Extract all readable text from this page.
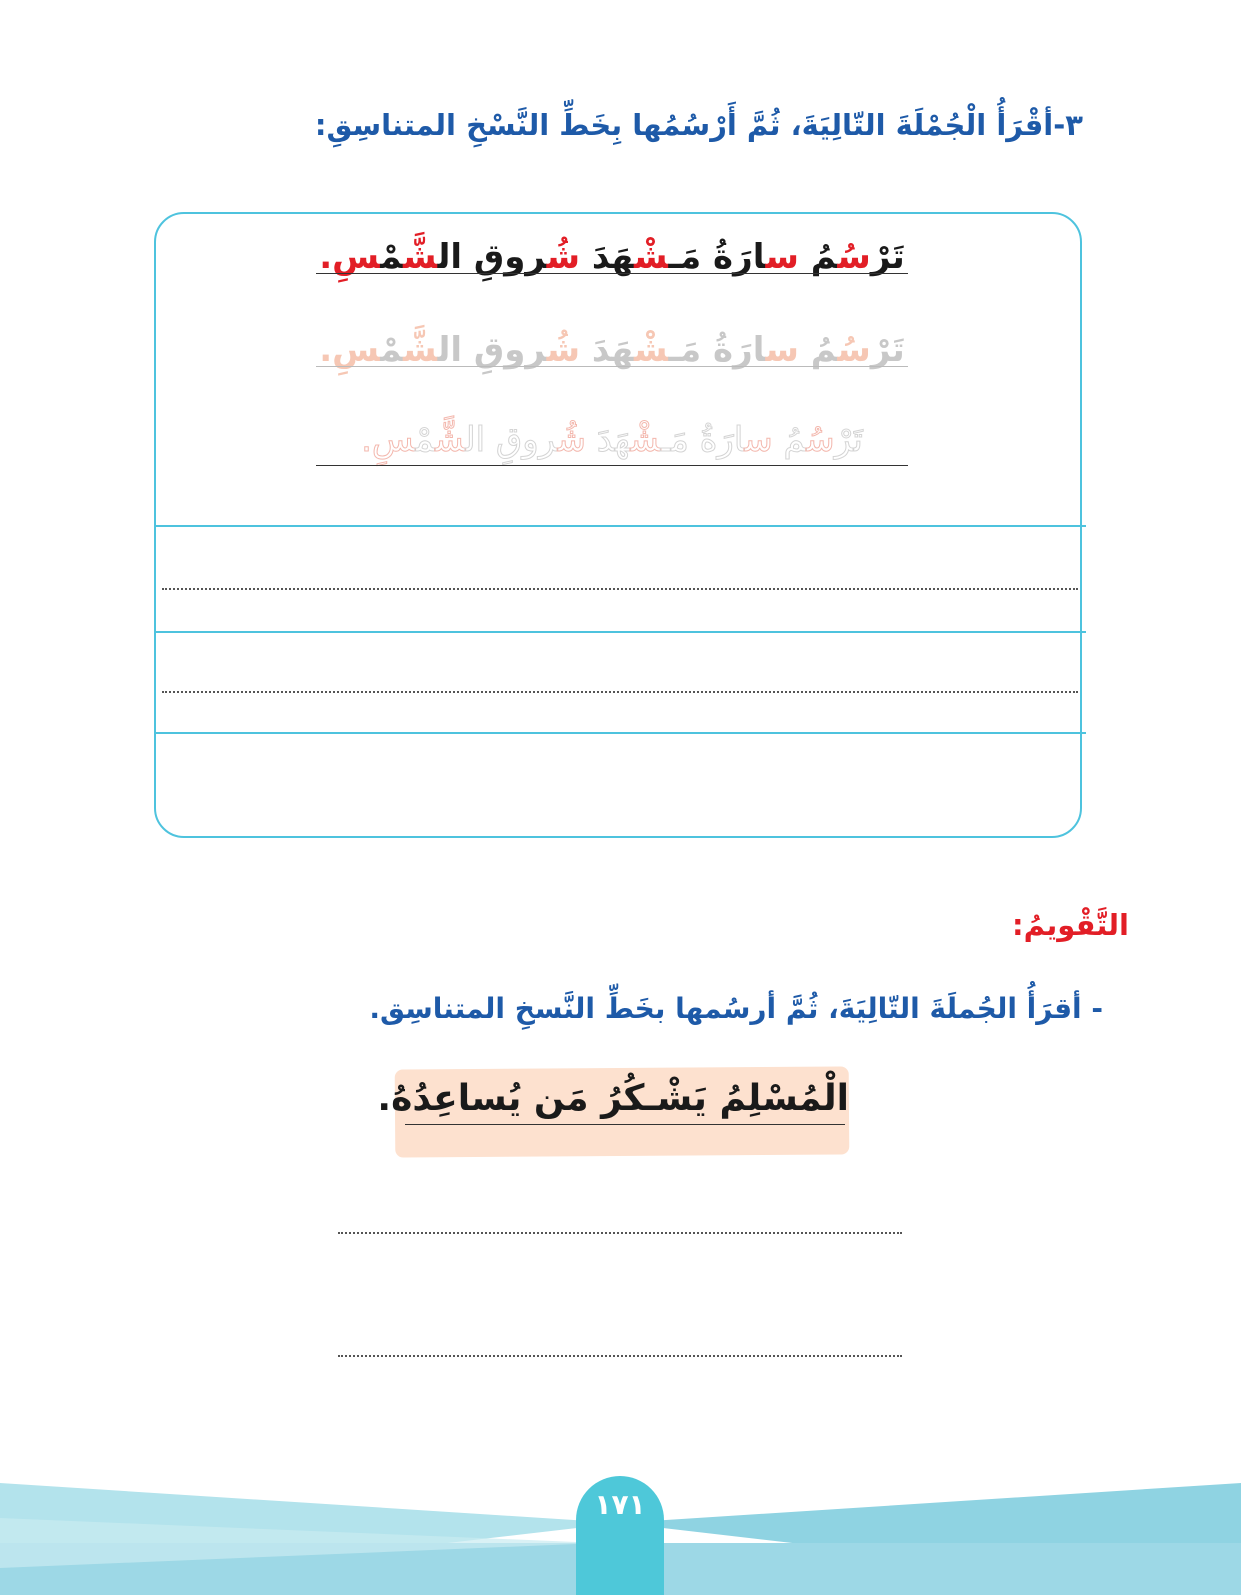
٣-أقْرَأُ الْجُمْلَةَ التّالِيَةَ، ثُمَّ أَرْسُمُها بِخَطِّ النَّسْخِ المتناسِقِ:
تَرْسُمُ سارَةُ مَـشْهَدَ شُروقِ الشَّمْسِ.
تَرْسُمُ سارَةُ مَـشْهَدَ شُروقِ الشَّمْسِ.
تَرْسُمُ سارَةُ مَـشْهَدَ شُروقِ الشَّمْسِ.
التَّقْويمُ:
- أقرَأُ الجُملَةَ التّالِيَةَ، ثُمَّ أرسُمها بخَطِّ النَّسخِ المتناسِق.
الْمُسْلِمُ يَشْـكُرُ مَن يُساعِدُهُ.
١٧١
